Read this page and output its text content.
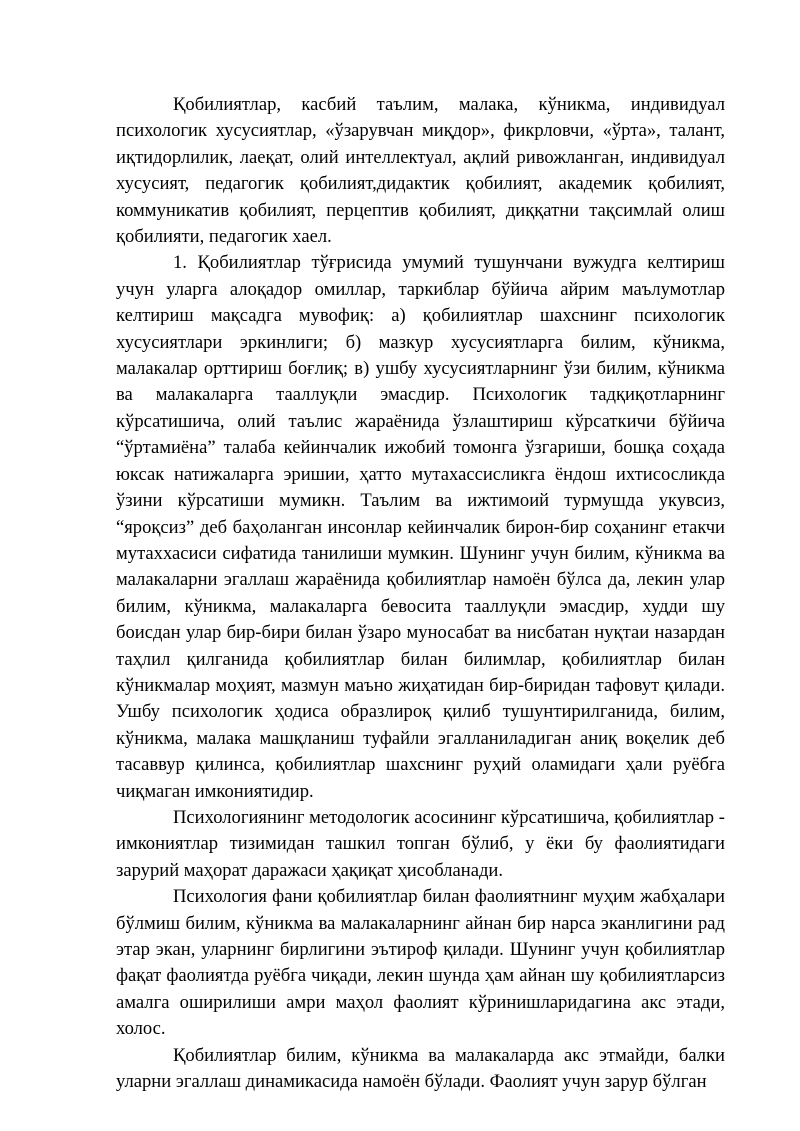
Қобилиятлар, касбий таълим, малака, кўникма, индивидуал психологик хусусиятлар, «ўзарувчан миқдор», фикрловчи, «ўрта», талант, иқтидорлилик, лаеқат, олий интеллектуал, ақлий ривожланган, индивидуал хусусият, педагогик қобилият,дидактик қобилият, академик қобилият, коммуникатив қобилият, перцептив қобилият, диққатни тақсимлай олиш қобилияти, педагогик хаел.

1. Қобилиятлар тўғрисида умумий тушунчани вужудга келтириш учун уларга алоқадор омиллар, таркиблар бўйича айрим маълумотлар келтириш мақсадга мувофиқ: а) қобилиятлар шахснинг психологик хусусиятлари эркинлиги; б) мазкур хусусиятларга билим, кўникма, малакалар орттириш боғлиқ; в) ушбу хусусиятларнинг ўзи билим, кўникма ва малакаларга тааллуқли эмасдир. Психологик тадқиқотларнинг кўрсатишича, олий таълис жараёнида ўзлаштириш кўрсаткичи бўйича “ўртамиёна” талаба кейинчалик ижобий томонга ўзгариши, бошқа соҳада юксак натижаларга эришии, ҳатто мутахассисликга ёндош ихтисосликда ўзини кўрсатиши мумикн. Таълим ва ижтимоий турмушда укувсиз, “яроқсиз” деб баҳоланган инсонлар кейинчалик бирон-бир соҳанинг етакчи мутаххасиси сифатида танилиши мумкин. Шунинг учун билим, кўникма ва малакаларни эгаллаш жараёнида қобилиятлар намоён бўлса да, лекин улар билим, кўникма, малакаларга бевосита тааллуқли эмасдир, худди шу боисдан улар бир-бири билан ўзаро муносабат ва нисбатан нуқтаи назардан таҳлил қилганида қобилиятлар билан билимлар, қобилиятлар билан кўникмалар моҳият, мазмун маъно жиҳатидан бир-биридан тафовут қилади. Ушбу психологик ҳодиса образлироқ қилиб тушунтирилганида, билим, кўникма, малака машқланиш туфайли эгалланиладиган аниқ воқелик деб тасаввур қилинса, қобилиятлар шахснинг руҳий оламидаги ҳали руёбга чиқмаган имкониятидир.

Психологиянинг методологик асосининг кўрсатишича, қобилиятлар - имкониятлар тизимидан ташкил топган бўлиб, у ёки бу фаолиятидаги зарурий маҳорат даражаси ҳақиқат ҳисобланади.

Психология фани қобилиятлар билан фаолиятнинг муҳим жабҳалари бўлмиш билим, кўникма ва малакаларнинг айнан бир нарса эканлигини рад этар экан, уларнинг бирлигини эътироф қилади. Шунинг учун қобилиятлар фақат фаолиятда руёбга чиқади, лекин шунда ҳам айнан шу қобилиятларсиз амалга оширилиши амри маҳол фаолият кўринишларидагина акс этади, холос.

Қобилиятлар билим, кўникма ва малакаларда акс этмайди, балки уларни эгаллаш динамикасида намоён бўлади. Фаолият учун зарур бўлган
